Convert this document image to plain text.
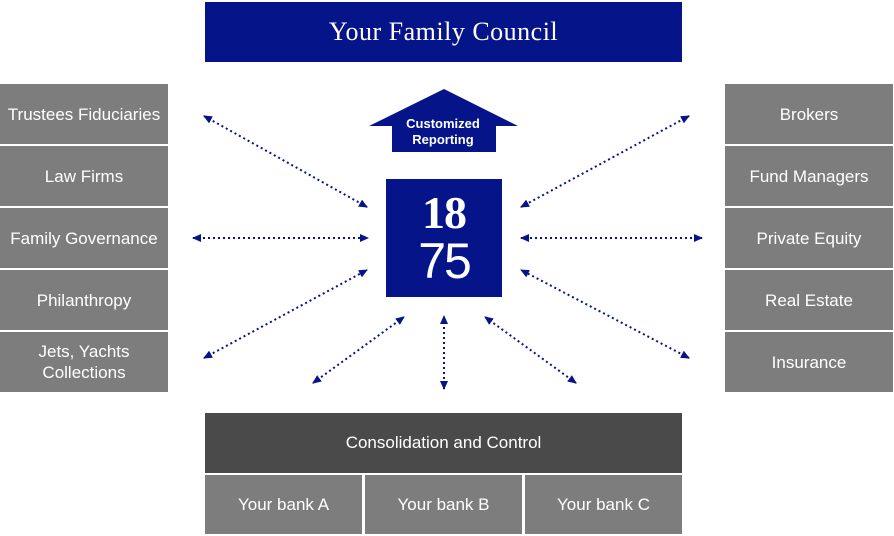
Your Family Council
Customized
Reporting
18
75
Trustees Fiduciaries
Law Firms
Family Governance
Philanthropy
Jets, Yachts
Collections
Brokers
Fund Managers
Private Equity
Real Estate
Insurance
Consolidation and Control
Your bank A	Your bank B	Your bank C
